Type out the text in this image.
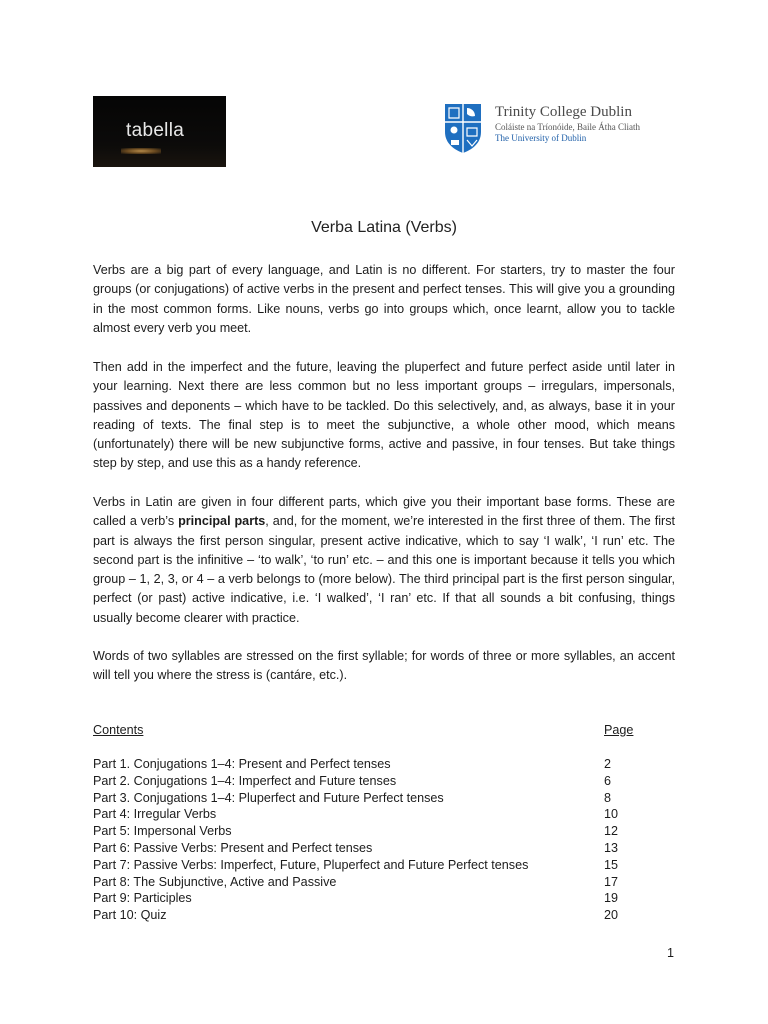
tabella
Trinity College Dublin
Coláiste na Tríonóide, Baile Átha Cliath
The University of Dublin
Verba Latina (Verbs)

Verbs are a big part of every language, and Latin is no different. For starters, try to master the four groups (or conjugations) of active verbs in the present and perfect tenses. This will give you a grounding in the most common forms. Like nouns, verbs go into groups which, once learnt, allow you to tackle almost every verb you meet.

Then add in the imperfect and the future, leaving the pluperfect and future perfect aside until later in your learning. Next there are less common but no less important groups – irregulars, impersonals, passives and deponents – which have to be tackled. Do this selectively, and, as always, base it in your reading of texts. The final step is to meet the subjunctive, a whole other mood, which means (unfortunately) there will be new subjunctive forms, active and passive, in four tenses. But take things step by step, and use this as a handy reference.

Verbs in Latin are given in four different parts, which give you their important base forms. These are called a verb’s principal parts, and, for the moment, we’re interested in the first three of them. The first part is always the first person singular, present active indicative, which to say ‘I walk’, ‘I run’ etc. The second part is the infinitive – ‘to walk’, ‘to run’ etc. – and this one is important because it tells you which group – 1, 2, 3, or 4 – a verb belongs to (more below). The third principal part is the first person singular, perfect (or past) active indicative, i.e. ‘I walked’, ‘I ran’ etc. If that all sounds a bit confusing, things usually become clearer with practice.

Words of two syllables are stressed on the first syllable; for words of three or more syllables, an accent will tell you where the stress is (cantáre, etc.).

Contents	Page
Part 1. Conjugations 1–4: Present and Perfect tenses	2
Part 2. Conjugations 1–4: Imperfect and Future tenses	6
Part 3. Conjugations 1–4: Pluperfect and Future Perfect tenses	8
Part 4: Irregular Verbs	10
Part 5: Impersonal Verbs	12
Part 6: Passive Verbs: Present and Perfect tenses	13
Part 7: Passive Verbs: Imperfect, Future, Pluperfect and Future Perfect tenses	15
Part 8: The Subjunctive, Active and Passive	17
Part 9: Participles	19
Part 10: Quiz	20
1
